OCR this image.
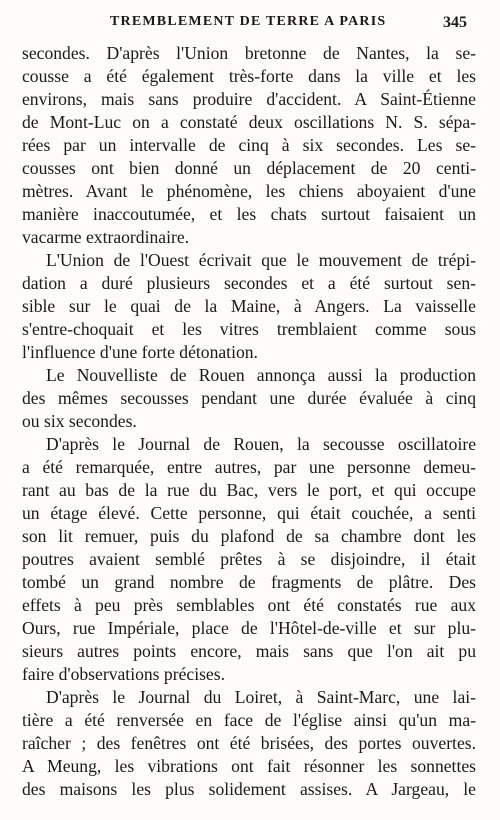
TREMBLEMENT DE TERRE A PARIS	345
secondes. D'après l'Union bretonne de Nantes, la se-
cousse a été également très-forte dans la ville et les
environs, mais sans produire d'accident. A Saint-Étienne
de Mont-Luc on a constaté deux oscillations N. S. sépa-
rées par un intervalle de cinq à six secondes. Les se-
cousses ont bien donné un déplacement de 20 centi-
mètres. Avant le phénomène, les chiens aboyaient d'une
manière inaccoutumée, et les chats surtout faisaient un
vacarme extraordinaire.
L'Union de l'Ouest écrivait que le mouvement de trépi-
dation a duré plusieurs secondes et a été surtout sen-
sible sur le quai de la Maine, à Angers. La vaisselle
s'entre-choquait et les vitres tremblaient comme sous
l'influence d'une forte détonation.
Le Nouvelliste de Rouen annonça aussi la production
des mêmes secousses pendant une durée évaluée à cinq
ou six secondes.
D'après le Journal de Rouen, la secousse oscillatoire
a été remarquée, entre autres, par une personne demeu-
rant au bas de la rue du Bac, vers le port, et qui occupe
un étage élevé. Cette personne, qui était couchée, a senti
son lit remuer, puis du plafond de sa chambre dont les
poutres avaient semblé prêtes à se disjoindre, il était
tombé un grand nombre de fragments de plâtre. Des
effets à peu près semblables ont été constatés rue aux
Ours, rue Impériale, place de l'Hôtel-de-ville et sur plu-
sieurs autres points encore, mais sans que l'on ait pu
faire d'observations précises.
D'après le Journal du Loiret, à Saint-Marc, une lai-
tière a été renversée en face de l'église ainsi qu'un ma-
raîcher ; des fenêtres ont été brisées, des portes ouvertes.
A Meung, les vibrations ont fait résonner les sonnettes
des maisons les plus solidement assises. A Jargeau, le
